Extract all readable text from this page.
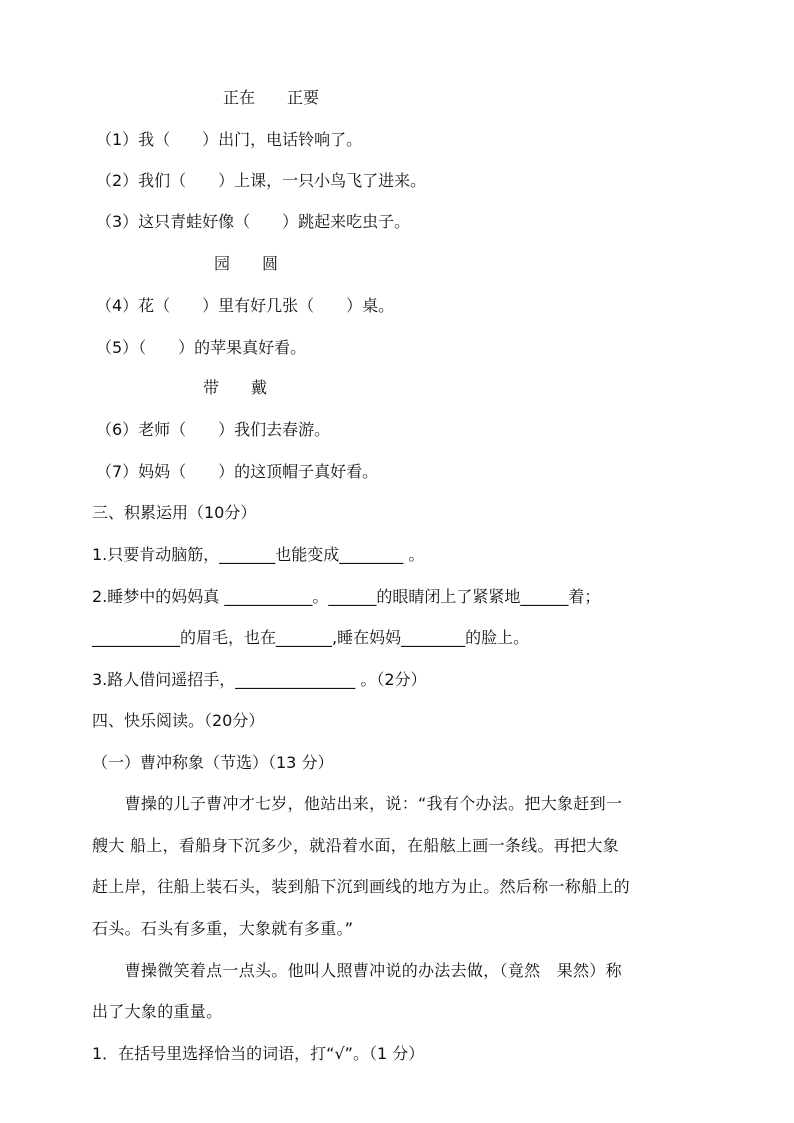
正在　　正要
（1）我（　　）出门，电话铃响了。
（2）我们（　　）上课，一只小鸟飞了进来。
（3）这只青蛙好像（　　）跳起来吃虫子。
园　　圆
（4）花（　　）里有好几张（　　）桌。
（5）（　　）的苹果真好看。
带　　戴
（6）老师（　　）我们去春游。
（7）妈妈（　　）的这顶帽子真好看。
三、积累运用（10分）
1.只要肯动脑筋，_______也能变成________ 。
2.睡梦中的妈妈真 ___________。______的眼睛闭上了紧紧地______着；
___________的眉毛，也在_______,睡在妈妈________的脸上。
3.路人借问遥招手，_______________ 。（2分）
四、快乐阅读。（20分）
（一）曹冲称象（节选）（13 分）
　　曹操的儿子曹冲才七岁，他站出来，说：“我有个办法。把大象赶到一
艘大 船上，看船身下沉多少，就沿着水面，在船舷上画一条线。再把大象
赶上岸，往船上装石头，装到船下沉到画线的地方为止。然后称一称船上的
石头。石头有多重，大象就有多重。”
　　曹操微笑着点一点头。他叫人照曹冲说的办法去做，（竟然　果然）称
出了大象的重量。
1．在括号里选择恰当的词语，打“√”。（1 分）
